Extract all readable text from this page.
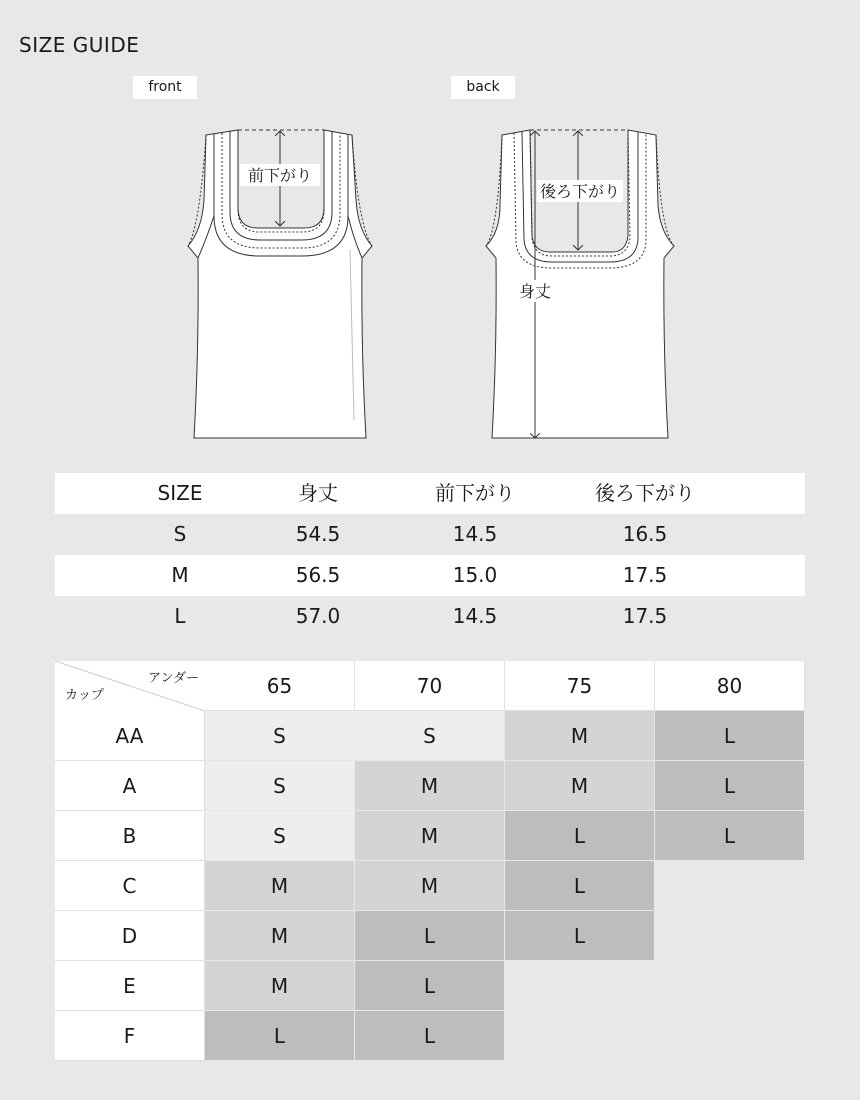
SIZE GUIDE
front	back
前下がり
後ろ下がり
身丈
SIZE	身丈	前下がり	後ろ下がり
S	54.5	14.5	16.5
M	56.5	15.0	17.5
L	57.0	14.5	17.5
アンダー
カップ	65	70	75	80
AA	S	S	M	L
A	S	M	M	L
B	S	M	L	L
C	M	M	L
D	M	L	L
E	M	L
F	L	L
